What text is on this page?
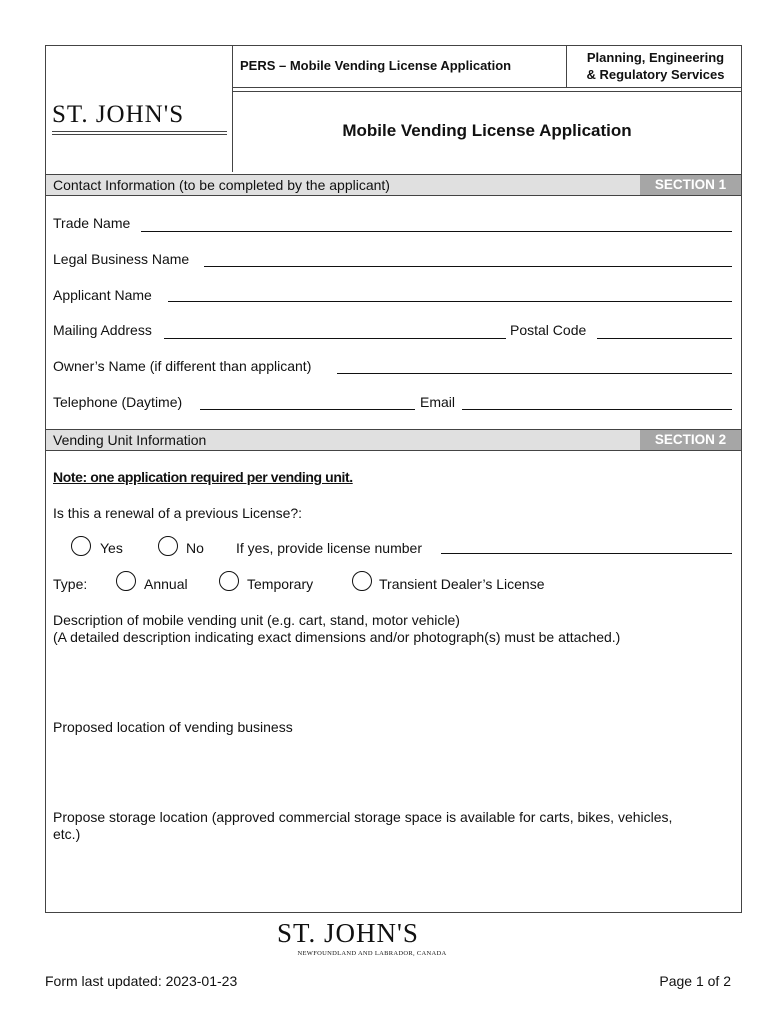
PERS – Mobile Vending License Application
Planning, Engineering
& Regulatory Services
Mobile Vending License Application
ST. JOHN'S
Contact Information (to be completed by the applicant)	SECTION 1
Trade Name
Legal Business Name
Applicant Name
Mailing Address	Postal Code
Owner’s Name (if different than applicant)
Telephone (Daytime)	Email
Vending Unit Information	SECTION 2
Note: one application required per vending unit.
Is this a renewal of a previous License?:
Yes	No If yes, provide license number
Type:	Annual	Temporary	Transient Dealer’s License
Description of mobile vending unit (e.g. cart, stand, motor vehicle)
(A detailed description indicating exact dimensions and/or photograph(s) must be attached.)
Proposed location of vending business
Propose storage location (approved commercial storage space is available for carts, bikes, vehicles,
etc.)
ST. JOHN'S
NEWFOUNDLAND AND LABRADOR, CANADA
Form last updated: 2023-01-23	Page 1 of 2
